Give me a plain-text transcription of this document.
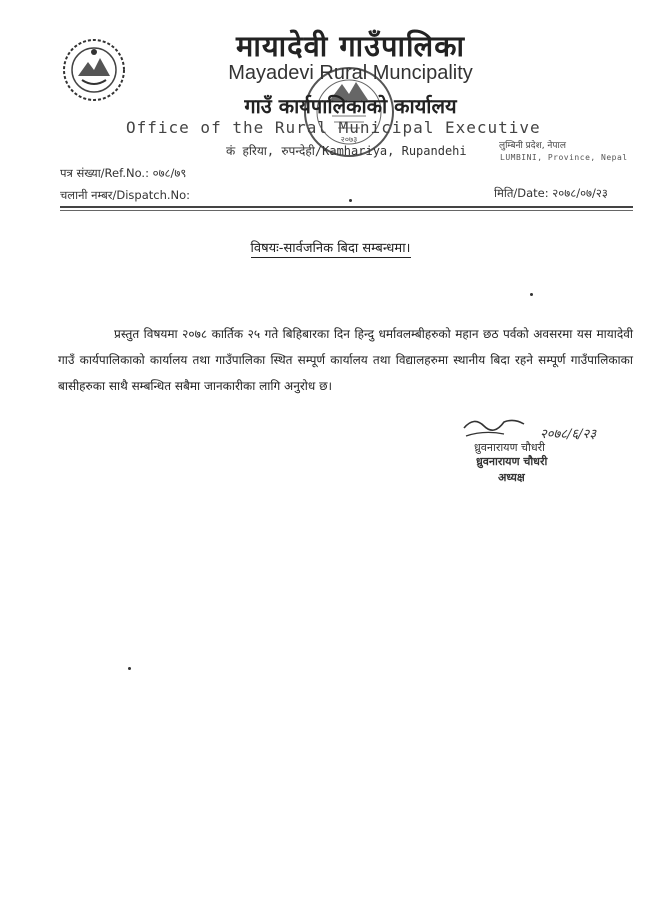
२०७३
मायादेवी गाउँपालिका
Mayadevi Rural Muncipality
गाउँ कार्यपालिकाको कार्यालय
Office of the Rural Municipal Executive
कं हरिया, रुपन्देही/Kamhariya, Rupandehi	लुम्बिनी प्रदेश, नेपाल
LUMBINI, Province, Nepal
पत्र संख्या/Ref.No.: ०७८/७९
चलानी नम्बर/Dispatch.No:	मिति/Date: २०७८/०७/२३
विषयः-सार्वजनिक बिदा सम्बन्धमा।
प्रस्तुत विषयमा २०७८ कार्तिक २५ गते बिहिबारका दिन हिन्दु धर्मावलम्बीहरुको महान छठ पर्वको अवसरमा यस मायादेवी गाउँ कार्यपालिकाको कार्यालय तथा गाउँपालिका स्थित सम्पूर्ण कार्यालय तथा विद्यालहरुमा स्थानीय बिदा रहने सम्पूर्ण गाउँपालिकाका बासीहरुका साथै सम्बन्धित सबैमा जानकारीका लागि अनुरोध छ।
२०७८/६/२३
ध्रुवनारायण चौधरी
ध्रुवनारायण चौधरी
अध्यक्ष
